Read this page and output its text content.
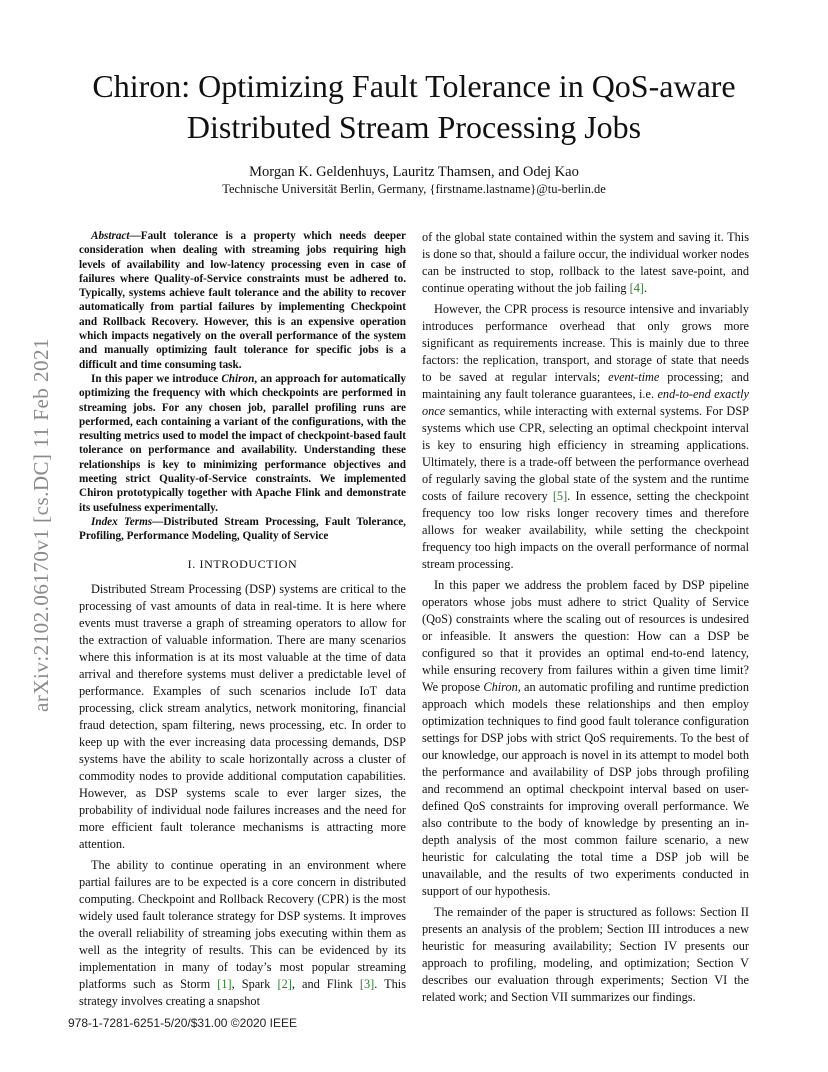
Chiron: Optimizing Fault Tolerance in QoS-aware Distributed Stream Processing Jobs
Morgan K. Geldenhuys, Lauritz Thamsen, and Odej Kao
Technische Universität Berlin, Germany, {firstname.lastname}@tu-berlin.de
arXiv:2102.06170v1 [cs.DC] 11 Feb 2021

Abstract—Fault tolerance is a property which needs deeper consideration when dealing with streaming jobs requiring high levels of availability and low-latency processing even in case of failures where Quality-of-Service constraints must be adhered to. Typically, systems achieve fault tolerance and the ability to recover automatically from partial failures by implementing Checkpoint and Rollback Recovery. However, this is an expensive operation which impacts negatively on the overall performance of the system and manually optimizing fault tolerance for specific jobs is a difficult and time consuming task.

In this paper we introduce Chiron, an approach for automatically optimizing the frequency with which checkpoints are performed in streaming jobs. For any chosen job, parallel profiling runs are performed, each containing a variant of the configurations, with the resulting metrics used to model the impact of checkpoint-based fault tolerance on performance and availability. Understanding these relationships is key to minimizing performance objectives and meeting strict Quality-of-Service constraints. We implemented Chiron prototypically together with Apache Flink and demonstrate its usefulness experimentally.

Index Terms—Distributed Stream Processing, Fault Tolerance, Profiling, Performance Modeling, Quality of Service

I. INTRODUCTION

Distributed Stream Processing (DSP) systems are critical to the processing of vast amounts of data in real-time. It is here where events must traverse a graph of streaming operators to allow for the extraction of valuable information. There are many scenarios where this information is at its most valuable at the time of data arrival and therefore systems must deliver a predictable level of performance. Examples of such scenarios include IoT data processing, click stream analytics, network monitoring, financial fraud detection, spam filtering, news processing, etc. In order to keep up with the ever increasing data processing demands, DSP systems have the ability to scale horizontally across a cluster of commodity nodes to provide additional computation capabilities. However, as DSP systems scale to ever larger sizes, the probability of individual node failures increases and the need for more efficient fault tolerance mechanisms is attracting more attention.

The ability to continue operating in an environment where partial failures are to be expected is a core concern in distributed computing. Checkpoint and Rollback Recovery (CPR) is the most widely used fault tolerance strategy for DSP systems. It improves the overall reliability of streaming jobs executing within them as well as the integrity of results. This can be evidenced by its implementation in many of today’s most popular streaming platforms such as Storm [1], Spark [2], and Flink [3]. This strategy involves creating a snapshot

of the global state contained within the system and saving it. This is done so that, should a failure occur, the individual worker nodes can be instructed to stop, rollback to the latest save-point, and continue operating without the job failing [4].

However, the CPR process is resource intensive and invariably introduces performance overhead that only grows more significant as requirements increase. This is mainly due to three factors: the replication, transport, and storage of state that needs to be saved at regular intervals; event-time processing; and maintaining any fault tolerance guarantees, i.e. end-to-end exactly once semantics, while interacting with external systems. For DSP systems which use CPR, selecting an optimal checkpoint interval is key to ensuring high efficiency in streaming applications. Ultimately, there is a trade-off between the performance overhead of regularly saving the global state of the system and the runtime costs of failure recovery [5]. In essence, setting the checkpoint frequency too low risks longer recovery times and therefore allows for weaker availability, while setting the checkpoint frequency too high impacts on the overall performance of normal stream processing.

In this paper we address the problem faced by DSP pipeline operators whose jobs must adhere to strict Quality of Service (QoS) constraints where the scaling out of resources is undesired or infeasible. It answers the question: How can a DSP be configured so that it provides an optimal end-to-end latency, while ensuring recovery from failures within a given time limit? We propose Chiron, an automatic profiling and runtime prediction approach which models these relationships and then employ optimization techniques to find good fault tolerance configuration settings for DSP jobs with strict QoS requirements. To the best of our knowledge, our approach is novel in its attempt to model both the performance and availability of DSP jobs through profiling and recommend an optimal checkpoint interval based on user-defined QoS constraints for improving overall performance. We also contribute to the body of knowledge by presenting an in-depth analysis of the most common failure scenario, a new heuristic for calculating the total time a DSP job will be unavailable, and the results of two experiments conducted in support of our hypothesis.

The remainder of the paper is structured as follows: Section II presents an analysis of the problem; Section III introduces a new heuristic for measuring availability; Section IV presents our approach to profiling, modeling, and optimization; Section V describes our evaluation through experiments; Section VI the related work; and Section VII summarizes our findings.

978-1-7281-6251-5/20/$31.00 ©2020 IEEE
